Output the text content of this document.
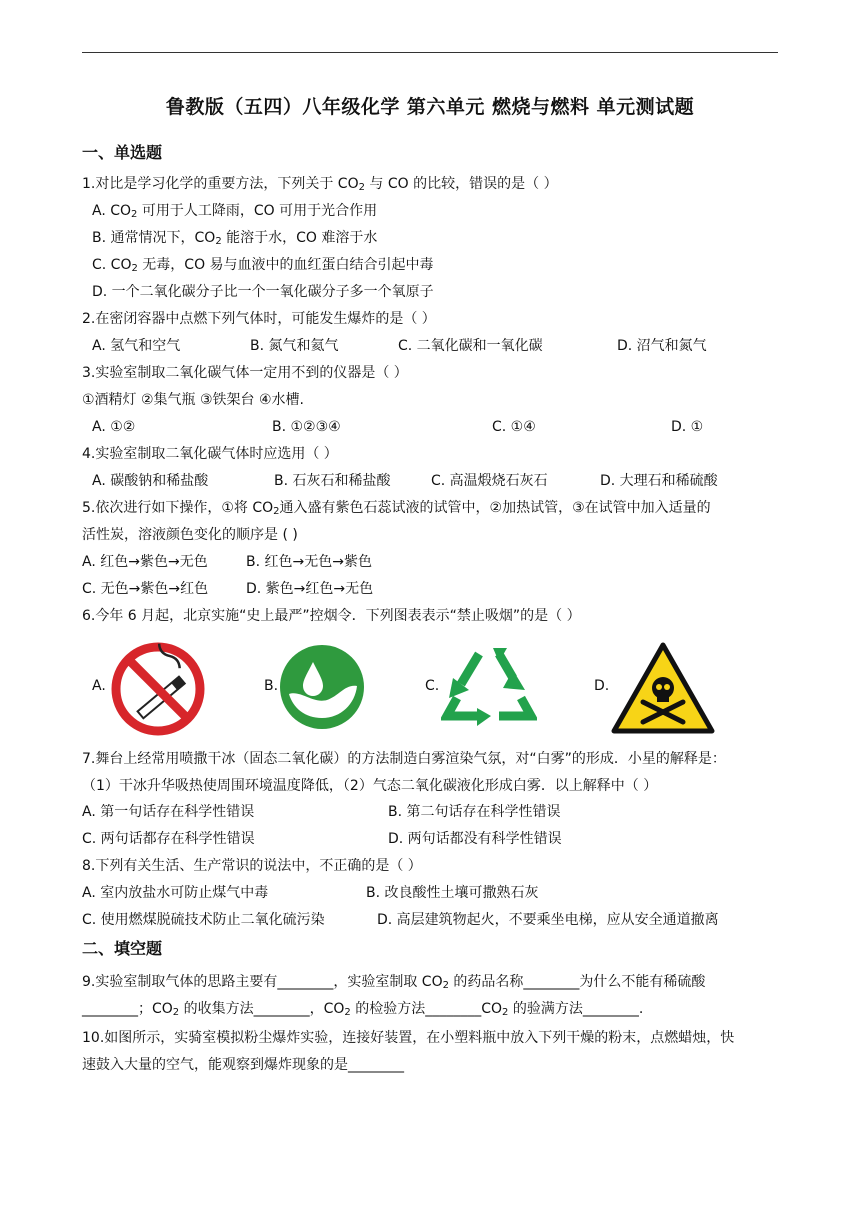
鲁教版（五四）八年级化学 第六单元 燃烧与燃料 单元测试题
一、单选题
1.对比是学习化学的重要方法，下列关于 CO2 与 CO 的比较，错误的是（ ）
A. CO2 可用于人工降雨，CO 可用于光合作用
B. 通常情况下，CO2 能溶于水，CO 难溶于水
C. CO2 无毒，CO 易与血液中的血红蛋白结合引起中毒
D. 一个二氧化碳分子比一个一氧化碳分子多一个氧原子
2.在密闭容器中点燃下列气体时，可能发生爆炸的是（ ）
A. 氢气和空气	B. 氮气和氦气	C. 二氧化碳和一氧化碳	D. 沼气和氮气
3.实验室制取二氧化碳气体一定用不到的仪器是（ ）
①酒精灯 ②集气瓶 ③铁架台 ④水槽.
A. ①②	B. ①②③④	C. ①④	D. ①
4.实验室制取二氧化碳气体时应选用（ ）
A. 碳酸钠和稀盐酸	B. 石灰石和稀盐酸	C. 高温煅烧石灰石	D. 大理石和稀硫酸
5.依次进行如下操作，①将 CO2通入盛有紫色石蕊试液的试管中，②加热试管，③在试管中加入适量的
活性炭，溶液颜色变化的顺序是 ( )
A. 红色→紫色→无色	B. 红色→无色→紫色
C. 无色→紫色→红色	D. 紫色→红色→无色
6.今年 6 月起，北京实施“史上最严”控烟令．下列图表表示“禁止吸烟”的是（ ）
A.	B.	C.	D.
7.舞台上经常用喷撒干冰（固态二氧化碳）的方法制造白雾渲染气氛，对“白雾”的形成．小星的解释是：
（1）干冰升华吸热使周围环境温度降低，（2）气态二氧化碳液化形成白雾．以上解释中（ ）
A. 第一句话存在科学性错误	B. 第二句话存在科学性错误
C. 两句话都存在科学性错误	D. 两句话都没有科学性错误
8.下列有关生活、生产常识的说法中，不正确的是（ ）
A. 室内放盐水可防止煤气中毒	B. 改良酸性土壤可撒熟石灰
C. 使用燃煤脱硫技术防止二氧化硫污染	D. 高层建筑物起火，不要乘坐电梯，应从安全通道撤离
二、填空题
9.实验室制取气体的思路主要有________，实验室制取 CO2 的药品名称________为什么不能有稀硫酸
________；CO2 的收集方法________，CO2 的检验方法________CO2 的验满方法________.
10.如图所示，实骑室模拟粉尘爆炸实验，连接好装置，在小塑料瓶中放入下列干燥的粉末，点燃蜡烛，快
速鼓入大量的空气，能观察到爆炸现象的是________
